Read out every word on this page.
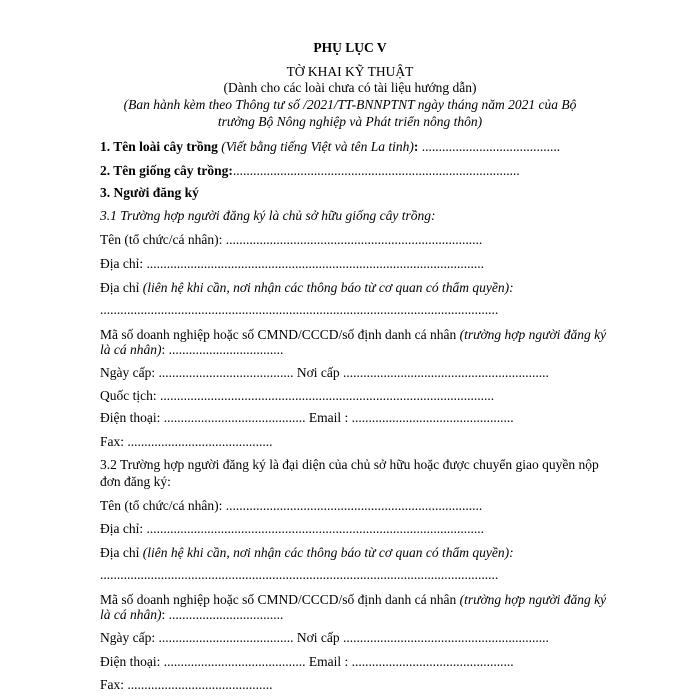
PHỤ LỤC V
TỜ KHAI KỸ THUẬT
(Dành cho các loài chưa có tài liệu hướng dẫn)
(Ban hành kèm theo Thông tư số /2021/TT-BNNPTNT ngày tháng năm 2021 của Bộ
trưởng Bộ Nông nghiệp và Phát triển nông thôn)
1. Tên loài cây trồng (Viết bằng tiếng Việt và tên La tinh): .........................................
2. Tên giống cây trồng:.....................................................................................
3. Người đăng ký
3.1 Trường hợp người đăng ký là chủ sở hữu giống cây trồng:
Tên (tổ chức/cá nhân): ............................................................................
Địa chỉ: ....................................................................................................
Địa chỉ (liên hệ khi cần, nơi nhận các thông báo từ cơ quan có thẩm quyền):
......................................................................................................................
Mã số doanh nghiệp hoặc số CMND/CCCD/số định danh cá nhân (trường hợp người đăng ký
là cá nhân): ..................................
Ngày cấp: ........................................ Nơi cấp .............................................................
Quốc tịch: ...................................................................................................
Điện thoại: .......................................... Email : ................................................
Fax: ...........................................
3.2 Trường hợp người đăng ký là đại diện của chủ sở hữu hoặc được chuyển giao quyền nộp
đơn đăng ký:
Tên (tổ chức/cá nhân): ............................................................................
Địa chỉ: ....................................................................................................
Địa chỉ (liên hệ khi cần, nơi nhận các thông báo từ cơ quan có thẩm quyền):
......................................................................................................................
Mã số doanh nghiệp hoặc số CMND/CCCD/số định danh cá nhân (trường hợp người đăng ký
là cá nhân): ..................................
Ngày cấp: ........................................ Nơi cấp .............................................................
Điện thoại: .......................................... Email : ................................................
Fax: ...........................................
